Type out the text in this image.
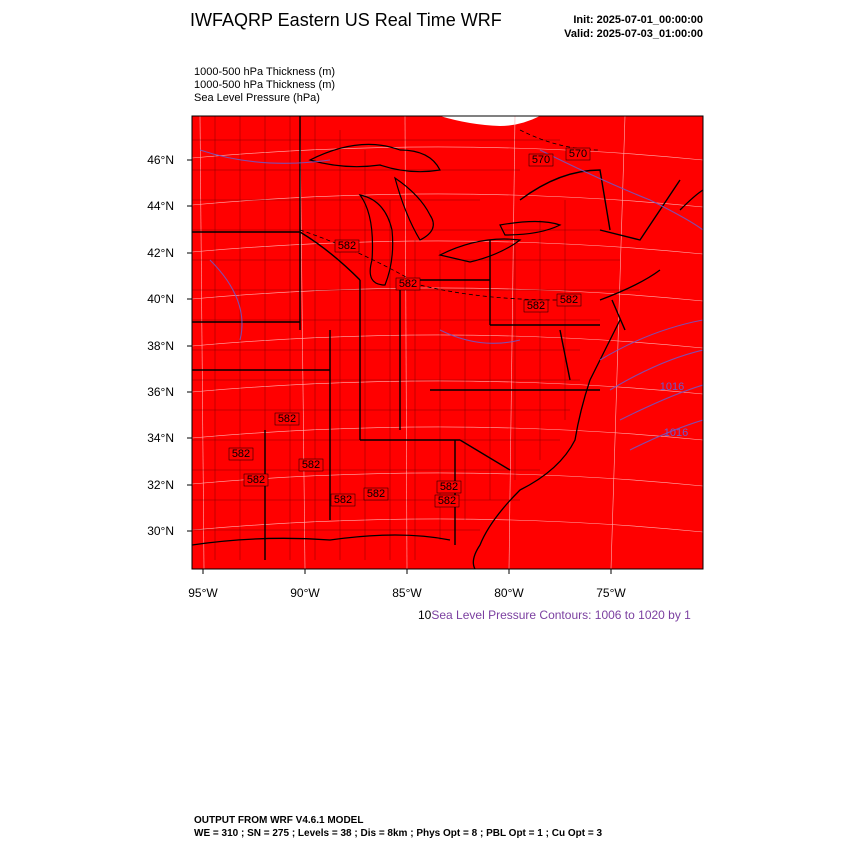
IWFAQRP Eastern US Real Time WRF	Init: 2025-07-01_00:00:00
Valid: 2025-07-03_01:00:00
1000-500 hPa Thickness (m)
1000-500 hPa Thickness (m)
Sea Level Pressure (hPa)
570 570
582
582
582 582
582
582
582
582
582 582
582
582
1016
1016
46°N
44°N
42°N
40°N
38°N
36°N
34°N
32°N
30°N
95°W	90°W	85°W	80°W	75°W
10Sea Level Pressure Contours: 1006 to 1020 by 1
OUTPUT FROM WRF V4.6.1 MODEL
WE = 310 ; SN = 275 ; Levels = 38 ; Dis = 8km ; Phys Opt = 8 ; PBL Opt = 1 ; Cu Opt = 3
